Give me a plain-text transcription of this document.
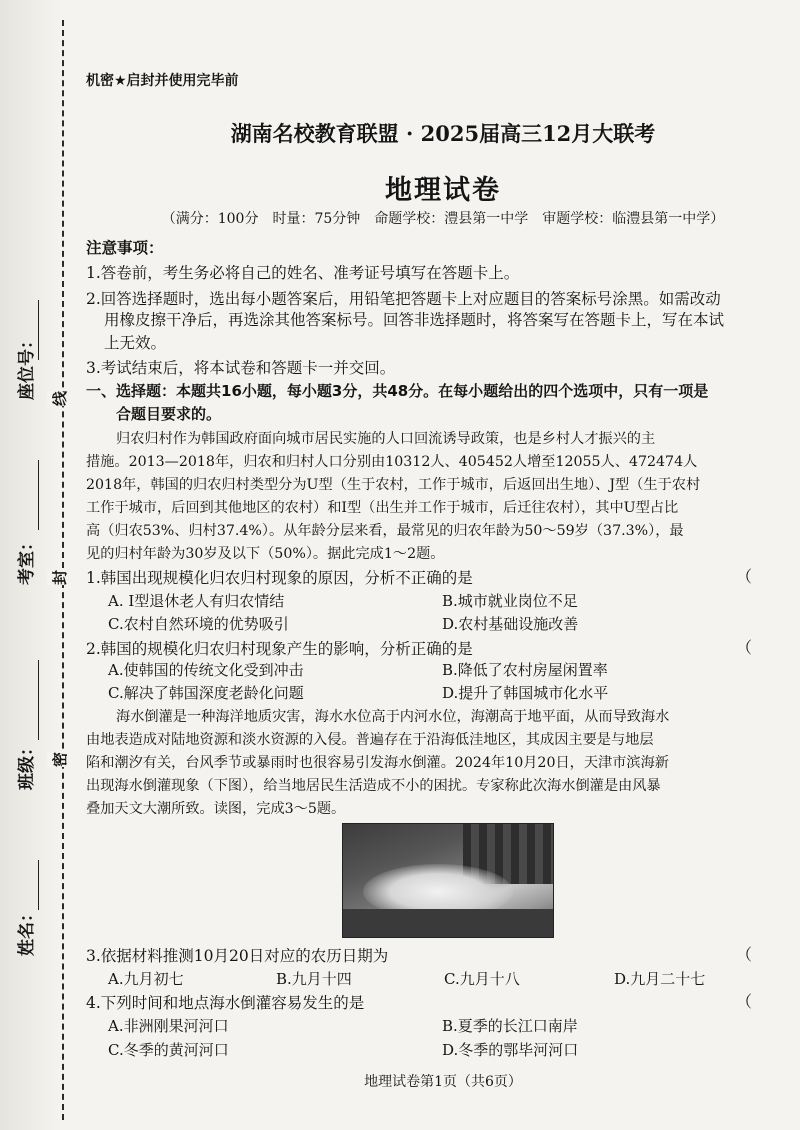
座位号：
考室：
班级：
姓名：
线
封
密
机密★启封并使用完毕前
湖南名校教育联盟 · 2025届高三12月大联考
地理试卷
（满分：100分　时量：75分钟　命题学校：澧县第一中学　审题学校：临澧县第一中学）
注意事项：
1.答卷前，考生务必将自己的姓名、准考证号填写在答题卡上。
2.回答选择题时，选出每小题答案后，用铅笔把答题卡上对应题目的答案标号涂黑。如需改动
用橡皮擦干净后，再选涂其他答案标号。回答非选择题时，将答案写在答题卡上，写在本试
上无效。
3.考试结束后，将本试卷和答题卡一并交回。
一、选择题：本题共16小题，每小题3分，共48分。在每小题给出的四个选项中，只有一项是
合题目要求的。
归农归村作为韩国政府面向城市居民实施的人口回流诱导政策，也是乡村人才振兴的主
措施。2013—2018年，归农和归村人口分别由10312人、405452人增至12055人、472474人
2018年，韩国的归农归村类型分为U型（生于农村，工作于城市，后返回出生地）、J型（生于农村
工作于城市，后回到其他地区的农村）和I型（出生并工作于城市，后迁往农村），其中U型占比
高（归农53%、归村37.4%）。从年龄分层来看，最常见的归农年龄为50～59岁（37.3%），最
见的归村年龄为30岁及以下（50%）。据此完成1～2题。
1.韩国出现规模化归农归村现象的原因，分析不正确的是	（
A. I型退休老人有归农情结	B.城市就业岗位不足
C.农村自然环境的优势吸引	D.农村基础设施改善
2.韩国的规模化归农归村现象产生的影响，分析正确的是	（
A.使韩国的传统文化受到冲击	B.降低了农村房屋闲置率
C.解决了韩国深度老龄化问题	D.提升了韩国城市化水平
海水倒灌是一种海洋地质灾害，海水水位高于内河水位，海潮高于地平面，从而导致海水
由地表造成对陆地资源和淡水资源的入侵。普遍存在于沿海低洼地区，其成因主要是与地层
陷和潮汐有关，台风季节或暴雨时也很容易引发海水倒灌。2024年10月20日，天津市滨海新
出现海水倒灌现象（下图），给当地居民生活造成不小的困扰。专家称此次海水倒灌是由风暴
叠加天文大潮所致。读图，完成3～5题。
3.依据材料推测10月20日对应的农历日期为	（
A.九月初七	B.九月十四	C.九月十八	D.九月二十七
4.下列时间和地点海水倒灌容易发生的是	（
A.非洲刚果河河口	B.夏季的长江口南岸
C.冬季的黄河河口	D.冬季的鄂毕河河口
地理试卷第1页（共6页）
